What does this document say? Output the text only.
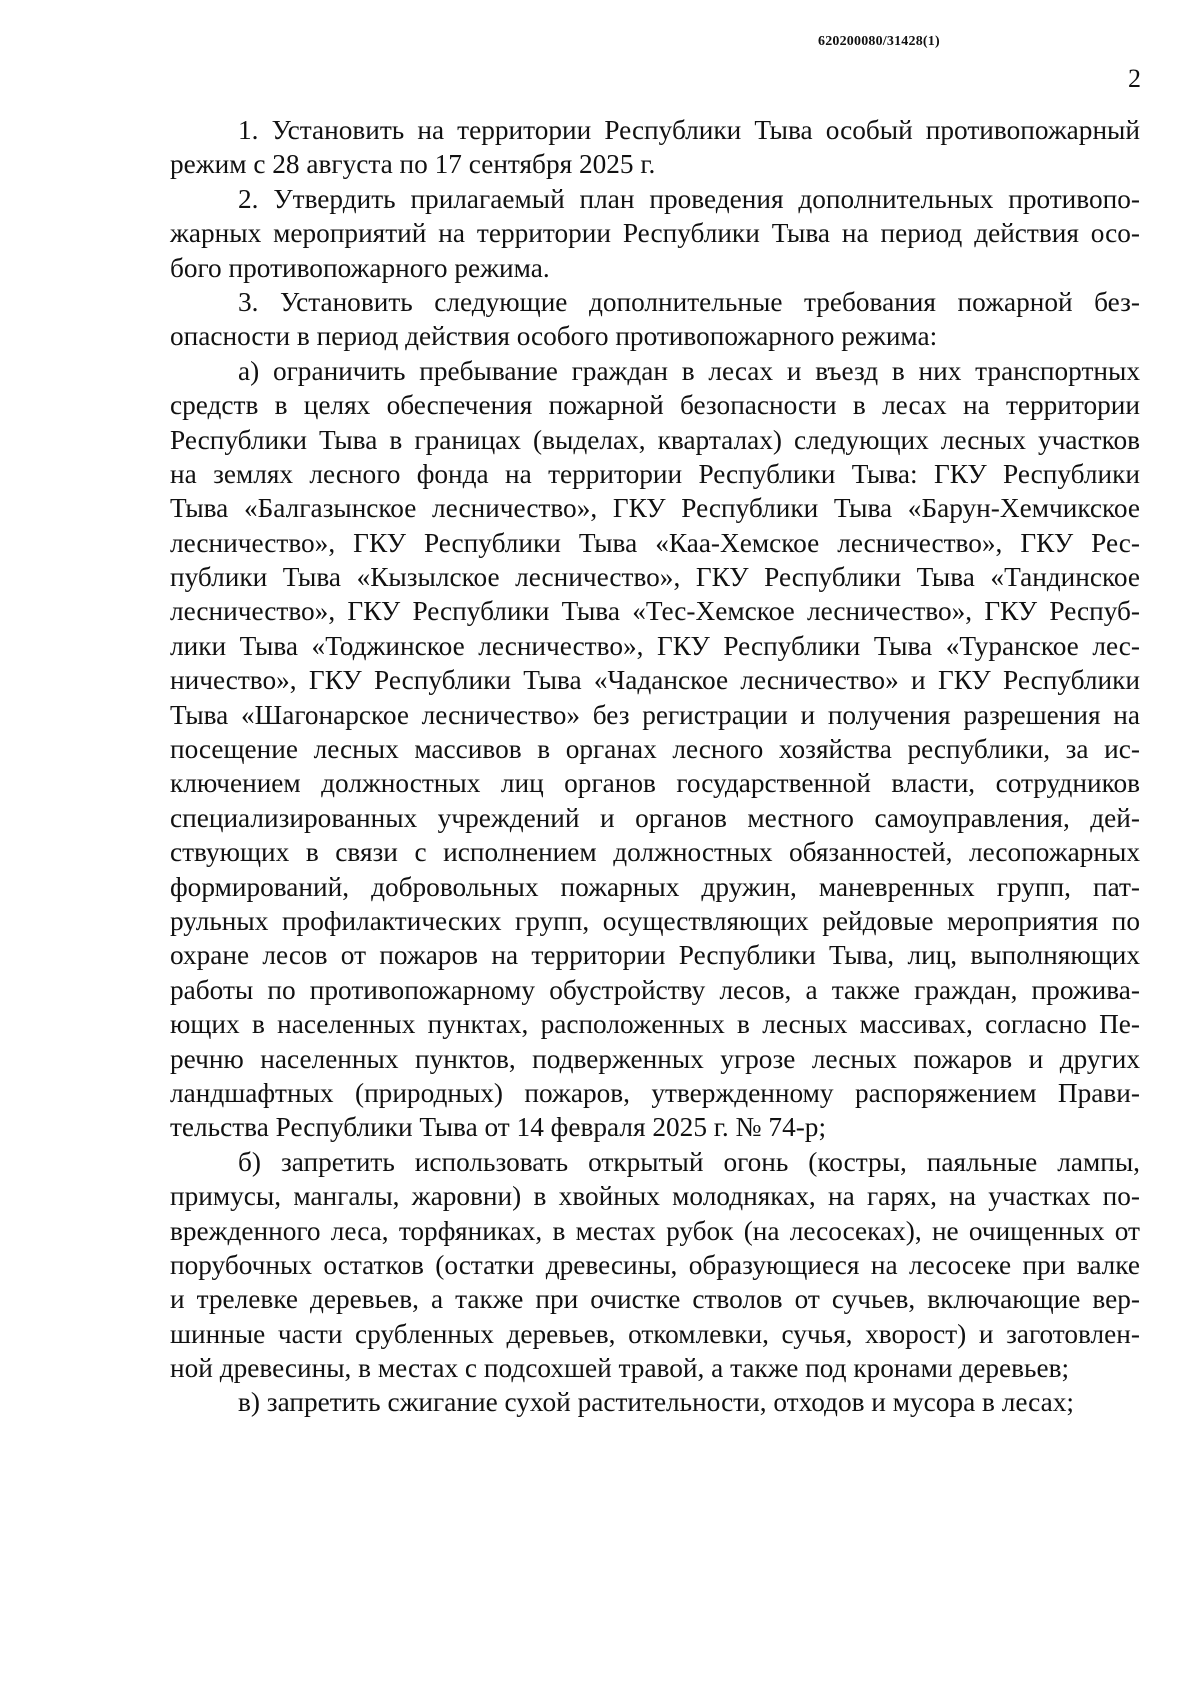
620200080/31428(1)
2
1. Установить на территории Республики Тыва особый противопожарный
режим с 28 августа по 17 сентября 2025 г.
2. Утвердить прилагаемый план проведения дополнительных противопо-
жарных мероприятий на территории Республики Тыва на период действия осо-
бого противопожарного режима.
3. Установить следующие дополнительные требования пожарной без-
опасности в период действия особого противопожарного режима:
а) ограничить пребывание граждан в лесах и въезд в них транспортных
средств в целях обеспечения пожарной безопасности в лесах на территории
Республики Тыва в границах (выделах, кварталах) следующих лесных участков
на землях лесного фонда на территории Республики Тыва: ГКУ Республики
Тыва «Балгазынское лесничество», ГКУ Республики Тыва «Барун-Хемчикское
лесничество», ГКУ Республики Тыва «Каа-Хемское лесничество», ГКУ Рес-
публики Тыва «Кызылское лесничество», ГКУ Республики Тыва «Тандинское
лесничество», ГКУ Республики Тыва «Тес-Хемское лесничество», ГКУ Респуб-
лики Тыва «Тоджинское лесничество», ГКУ Республики Тыва «Туранское лес-
ничество», ГКУ Республики Тыва «Чаданское лесничество» и ГКУ Республики
Тыва «Шагонарское лесничество» без регистрации и получения разрешения на
посещение лесных массивов в органах лесного хозяйства республики, за ис-
ключением должностных лиц органов государственной власти, сотрудников
специализированных учреждений и органов местного самоуправления, дей-
ствующих в связи с исполнением должностных обязанностей, лесопожарных
формирований, добровольных пожарных дружин, маневренных групп, пат-
рульных профилактических групп, осуществляющих рейдовые мероприятия по
охране лесов от пожаров на территории Республики Тыва, лиц, выполняющих
работы по противопожарному обустройству лесов, а также граждан, прожива-
ющих в населенных пунктах, расположенных в лесных массивах, согласно Пе-
речню населенных пунктов, подверженных угрозе лесных пожаров и других
ландшафтных (природных) пожаров, утвержденному распоряжением Прави-
тельства Республики Тыва от 14 февраля 2025 г. № 74-р;
б) запретить использовать открытый огонь (костры, паяльные лампы,
примусы, мангалы, жаровни) в хвойных молодняках, на гарях, на участках по-
врежденного леса, торфяниках, в местах рубок (на лесосеках), не очищенных от
порубочных остатков (остатки древесины, образующиеся на лесосеке при валке
и трелевке деревьев, а также при очистке стволов от сучьев, включающие вер-
шинные части срубленных деревьев, откомлевки, сучья, хворост) и заготовлен-
ной древесины, в местах с подсохшей травой, а также под кронами деревьев;
в) запретить сжигание сухой растительности, отходов и мусора в лесах;
